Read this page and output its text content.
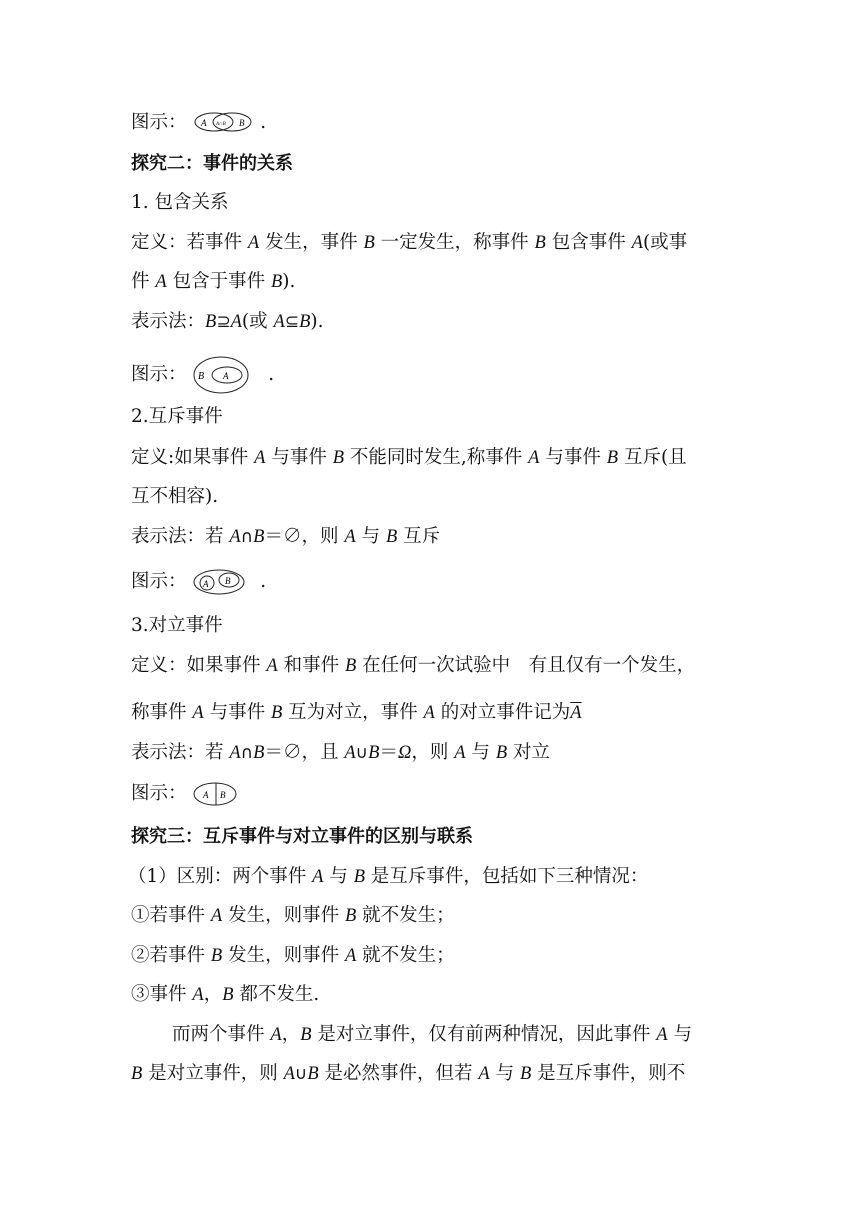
图示： A A∩B B .
探究二：事件的关系
1. 包含关系
定义：若事件 A 发生，事件 B 一定发生，称事件 B 包含事件 A(或事
件 A 包含于事件 B).
表示法：B⊇A(或 A⊆B).
图示： B A .
2.互斥事件
定义:如果事件 A 与事件 B 不能同时发生,称事件 A 与事件 B 互斥(且
互不相容).
表示法：若 A∩B＝∅，则 A 与 B 互斥
图示： A B .
3.对立事件
定义：如果事件 A 和事件 B 在任何一次试验中　有且仅有一个发生，
称事件 A 与事件 B 互为对立，事件 A 的对立事件记为$\overline{A}$
表示法：若 A∩B＝∅，且 A∪B＝Ω，则 A 与 B 对立
图示： A B
探究三：互斥事件与对立事件的区别与联系
（1）区别：两个事件 A 与 B 是互斥事件，包括如下三种情况：
①若事件 A 发生，则事件 B 就不发生；
②若事件 B 发生，则事件 A 就不发生；
③事件 A，B 都不发生.
而两个事件 A，B 是对立事件，仅有前两种情况，因此事件 A 与
B 是对立事件，则 A∪B 是必然事件，但若 A 与 B 是互斥事件，则不
